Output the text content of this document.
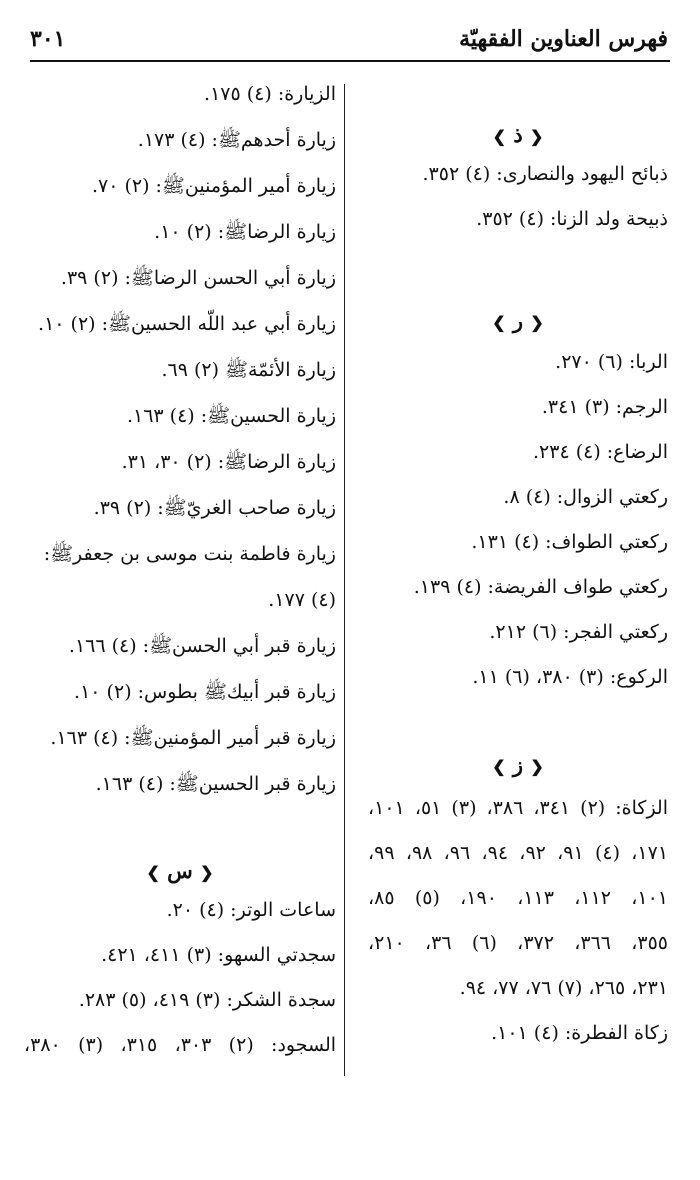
فهرس العناوين الفقهيّة
٣٠١
❮ ذ ❯
ذبائح اليهود والنصارى: (٤) ٣٥٢.
ذبيحة ولد الزنا: (٤) ٣٥٢.
❮ ر ❯
الربا: (٦) ٢٧٠.
الرجم: (٣) ٣٤١.
الرضاع: (٤) ٢٣٤.
ركعتي الزوال: (٤) ٨.
ركعتي الطواف: (٤) ١٣١.
ركعتي طواف الفريضة: (٤) ١٣٩.
ركعتي الفجر: (٦) ٢١٢.
الركوع: (٣) ٣٨٠، (٦) ١١.
❮ ز ❯
الزكاة: (٢) ٣٤١، ٣٨٦، (٣) ٥١، ١٠١،
١٧١، (٤) ٩١، ٩٢، ٩٤، ٩٦، ٩٨، ٩٩،
١٠١، ١١٢، ١١٣، ١٩٠، (٥) ٨٥،
٣٥٥، ٣٦٦، ٣٧٢، (٦) ٣٦، ٢١٠،
٢٣١، ٢٦٥، (٧) ٧٦، ٧٧، ٩٤.
زكاة الفطرة: (٤) ١٠١.
الزيارة: (٤) ١٧٥.
زيارة أحدهمﷺ: (٤) ١٧٣.
زيارة أمير المؤمنينﷺ: (٢) ٧٠.
زيارة الرضاﷺ: (٢) ١٠.
زيارة أبي الحسن الرضاﷺ: (٢) ٣٩.
زيارة أبي عبد اللّه الحسينﷺ: (٢) ١٠.
زيارة الأئمّةﷺ (٢) ٦٩.
زيارة الحسينﷺ: (٤) ١٦٣.
زيارة الرضاﷺ: (٢) ٣٠، ٣١.
زيارة صاحب الغريّﷺ: (٢) ٣٩.
زيارة فاطمة بنت موسى بن جعفرﷺ:
(٤) ١٧٧.
زيارة قبر أبي الحسنﷺ: (٤) ١٦٦.
زيارة قبر أبيكﷺ بطوس: (٢) ١٠.
زيارة قبر أمير المؤمنينﷺ: (٤) ١٦٣.
زيارة قبر الحسينﷺ: (٤) ١٦٣.
❮ س ❯
ساعات الوتر: (٤) ٢٠.
سجدتي السهو: (٣) ٤١١، ٤٢١.
سجدة الشكر: (٣) ٤١٩، (٥) ٢٨٣.
السجود: (٢) ٣٠٣، ٣١٥، (٣) ٣٨٠،
